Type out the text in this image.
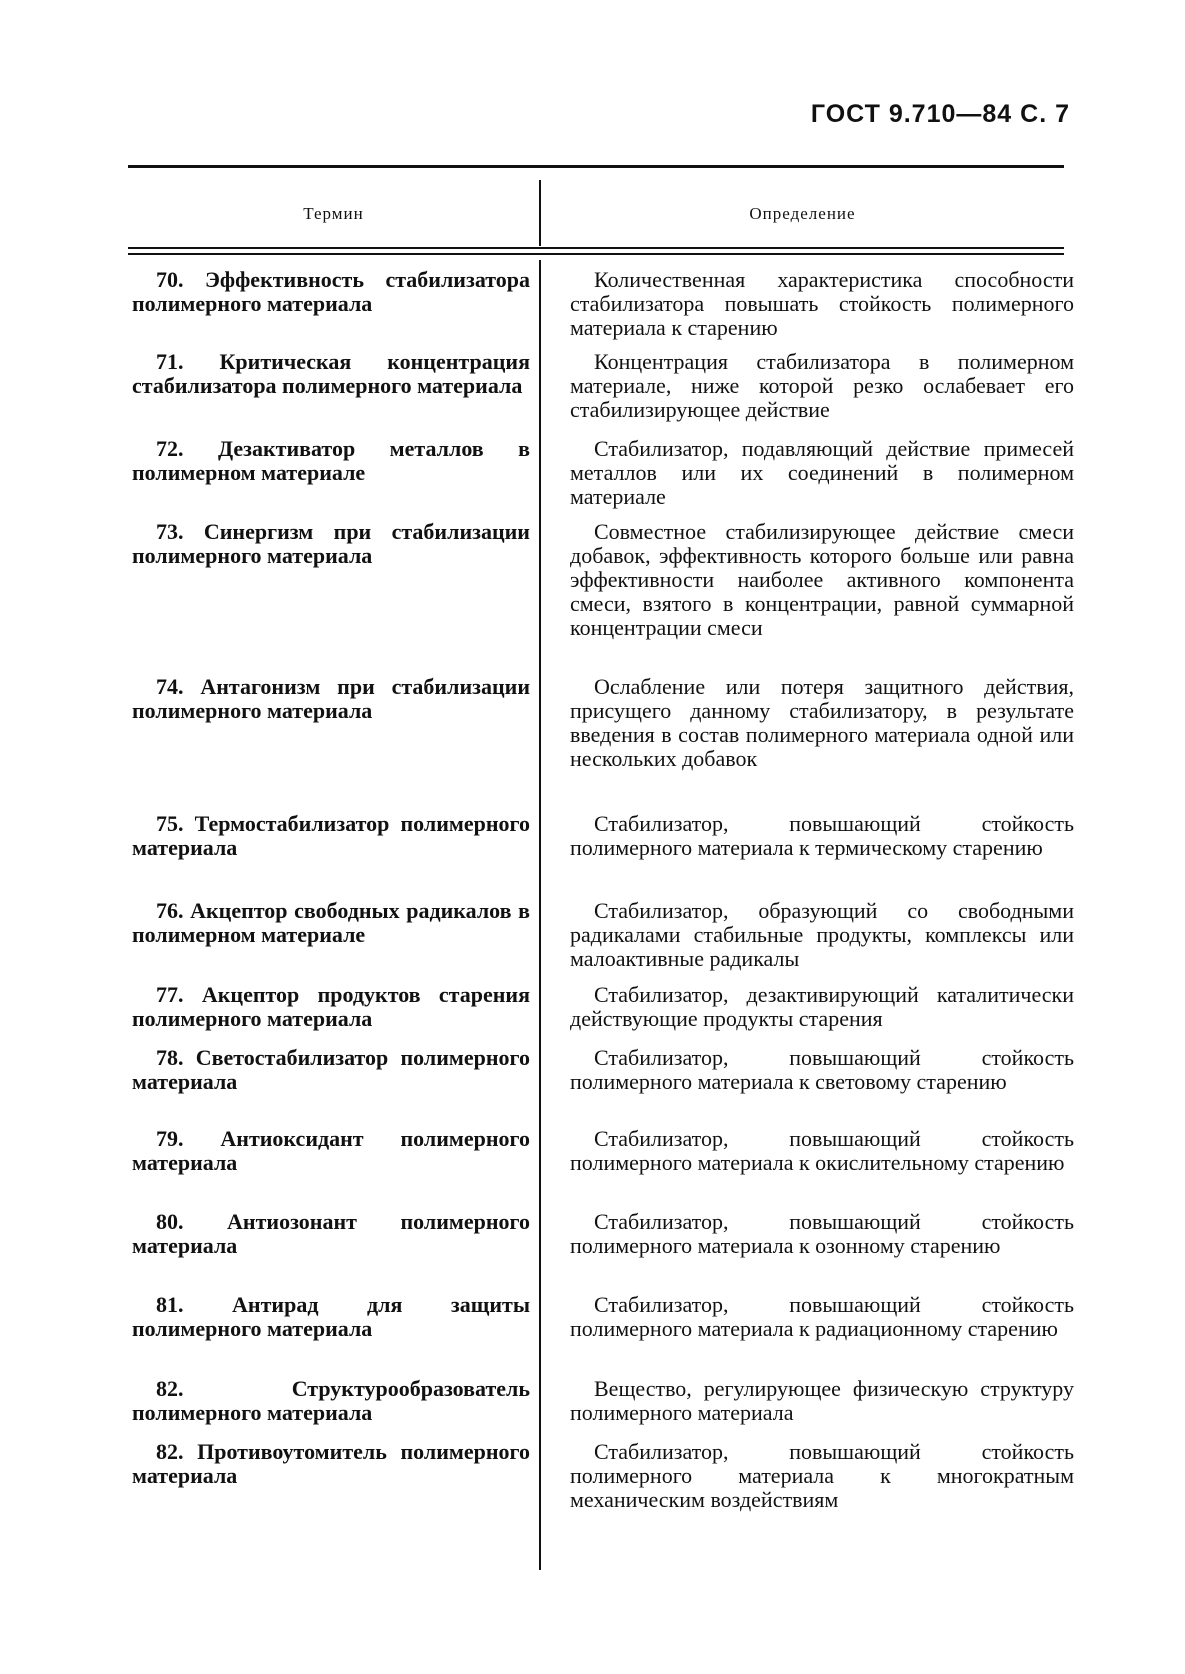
ГОСТ 9.710—84 С. 7
Термин	Определение
70. Эффективность стабилизатора полимерного материала
Количественная характеристика способности стабилизатора повышать стойкость полимерного материала к старению
71. Критическая концентрация стабилизатора полимерного материала
Концентрация стабилизатора в полимерном материале, ниже которой резко ослабевает его стабилизирующее действие
72. Дезактиватор металлов в полимерном материале
Стабилизатор, подавляющий действие примесей металлов или их соединений в полимерном материале
73. Синергизм при стабилизации полимерного материала
Совместное стабилизирующее действие смеси добавок, эффективность которого больше или равна эффективности наиболее активного компонента смеси, взятого в концентрации, равной суммарной концентрации смеси
74. Антагонизм при стабилизации полимерного материала
Ослабление или потеря защитного действия, присущего данному стабилизатору, в результате введения в состав полимерного материала одной или нескольких добавок
75. Термостабилизатор полимерного материала
Стабилизатор, повышающий стойкость полимерного материала к термическому старению
76. Акцептор свободных радикалов в полимерном материале
Стабилизатор, образующий со свободными радикалами стабильные продукты, комплексы или малоактивные радикалы
77. Акцептор продуктов старения полимерного материала
Стабилизатор, дезактивирующий каталитически действующие продукты старения
78. Светостабилизатор полимерного материала
Стабилизатор, повышающий стойкость полимерного материала к световому старению
79. Антиоксидант полимерного материала
Стабилизатор, повышающий стойкость полимерного материала к окислительному старению
80. Антиозонант полимерного материала
Стабилизатор, повышающий стойкость полимерного материала к озонному старению
81. Антирад для защиты полимерного материала
Стабилизатор, повышающий стойкость полимерного материала к радиационному старению
82. Структурообразователь полимерного материала
Вещество, регулирующее физическую структуру полимерного материала
82. Противоутомитель полимерного материала
Стабилизатор, повышающий стойкость полимерного материала к многократным механическим воздействиям
